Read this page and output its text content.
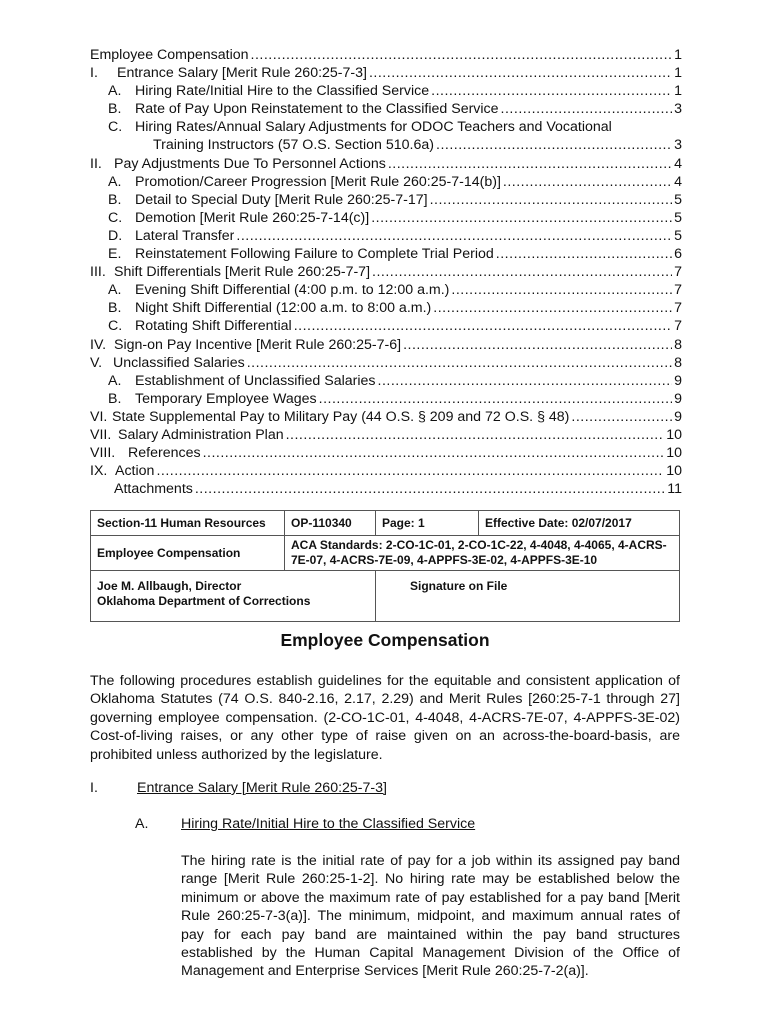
Employee Compensation .....	1
I.	Entrance Salary [Merit Rule 260:25-7-3] .....	1
A. Hiring Rate/Initial Hire to the Classified Service .....	1
B. Rate of Pay Upon Reinstatement to the Classified Service .....	3
C. Hiring Rates/Annual Salary Adjustments for ODOC Teachers and Vocational
Training Instructors (57 O.S. Section 510.6a) .....	3
II. Pay Adjustments Due To Personnel Actions .....	4
A. Promotion/Career Progression [Merit Rule 260:25-7-14(b)] .....	4
B. Detail to Special Duty [Merit Rule 260:25-7-17] .....	5
C. Demotion [Merit Rule 260:25-7-14(c)] .....	5
D. Lateral Transfer .....	5
E. Reinstatement Following Failure to Complete Trial Period .....	6
III. Shift Differentials [Merit Rule 260:25-7-7] .....	7
A. Evening Shift Differential (4:00 p.m. to 12:00 a.m.) .....	7
B. Night Shift Differential (12:00 a.m. to 8:00 a.m.) .....	7
C. Rotating Shift Differential .....	7
IV. Sign-on Pay Incentive [Merit Rule 260:25-7-6] .....	8
V. Unclassified Salaries .....	8
A. Establishment of Unclassified Salaries .....	9
B. Temporary Employee Wages .....	9
VI. State Supplemental Pay to Military Pay (44 O.S. § 209 and 72 O.S. § 48) .....	9
VII. Salary Administration Plan .....	10
VIII. References .....	10
IX. Action .....	10
Attachments .....	11
Section-11 Human Resources	OP-110340	Page: 1	Effective Date: 02/07/2017
Employee Compensation	ACA Standards: 2-CO-1C-01, 2-CO-1C-22, 4-4048, 4-4065, 4-ACRS-7E-07, 4-ACRS-7E-09, 4-APPFS-3E-02, 4-APPFS-3E-10		

Joe M. Allbaugh, Director
Oklahoma Department of Corrections		Signature on File	
Employee Compensation
The following procedures establish guidelines for the equitable and consistent application of Oklahoma Statutes (74 O.S. 840-2.16, 2.17, 2.29) and Merit Rules [260:25-7-1 through 27] governing employee compensation. (2-CO-1C-01, 4-4048, 4-ACRS-7E-07, 4-APPFS-3E-02) Cost-of-living raises, or any other type of raise given on an across-the-board-basis, are prohibited unless authorized by the legislature.
I.	Entrance Salary [Merit Rule 260:25-7-3]
A. Hiring Rate/Initial Hire to the Classified Service
The hiring rate is the initial rate of pay for a job within its assigned pay band range [Merit Rule 260:25-1-2]. No hiring rate may be established below the minimum or above the maximum rate of pay established for a pay band [Merit Rule 260:25-7-3(a)]. The minimum, midpoint, and maximum annual rates of pay for each pay band are maintained within the pay band structures established by the Human Capital Management Division of the Office of Management and Enterprise Services [Merit Rule 260:25-7-2(a)].
